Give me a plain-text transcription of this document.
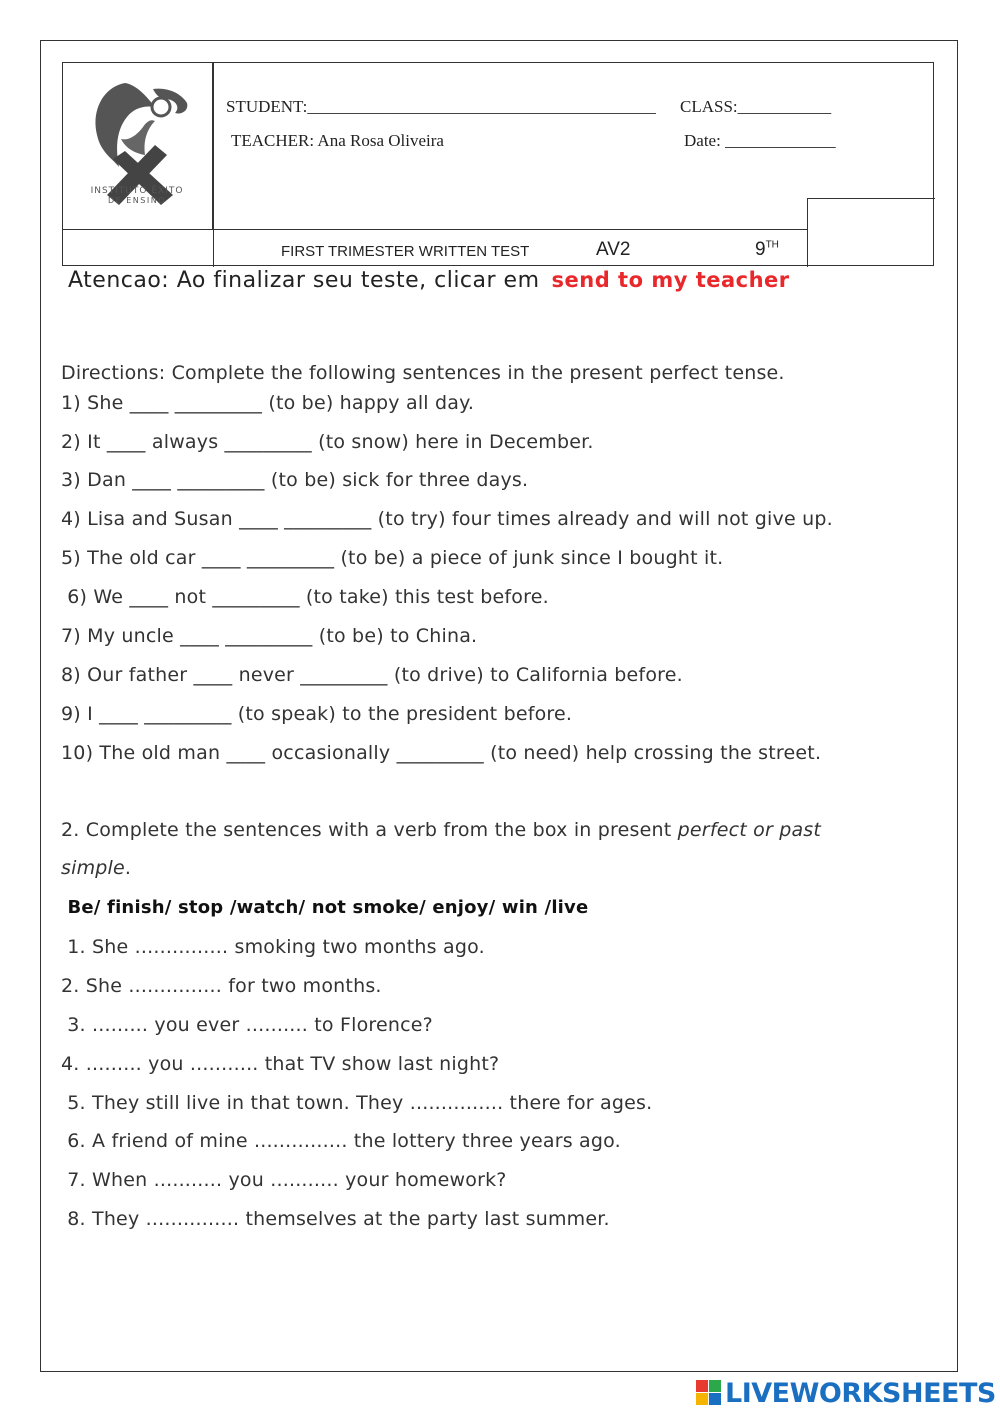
INSTITUTO ÊXITO
DE ENSINO
STUDENT:_________________________________________ CLASS:___________
TEACHER: Ana Rosa Oliveira	Date: _____________
FIRST TRIMESTER WRITTEN TEST	AV2	9TH
Atencao: Ao finalizar seu teste, clicar em send to my teacher
Directions: Complete the following sentences in the present perfect tense.
1) She ____ _________ (to be) happy all day.
2) It ____ always _________ (to snow) here in December.
3) Dan ____ _________ (to be) sick for three days.
4) Lisa and Susan ____ _________ (to try) four times already and will not give up.
5) The old car ____ _________ (to be) a piece of junk since I bought it.
6) We ____ not _________ (to take) this test before.
7) My uncle ____ _________ (to be) to China.
8) Our father ____ never _________ (to drive) to California before.
9) I ____ _________ (to speak) to the president before.
10) The old man ____ occasionally _________ (to need) help crossing the street.
2. Complete the sentences with a verb from the box in present perfect or past
simple.
Be/ finish/ stop /watch/ not smoke/ enjoy/ win /live
1. She ............... smoking two months ago.
2. She ............... for two months.
3. ......... you ever .......... to Florence?
4. ......... you ........... that TV show last night?
5. They still live in that town. They ............... there for ages.
6. A friend of mine ............... the lottery three years ago.
7. When ........... you ........... your homework?
8. They ............... themselves at the party last summer.
LIVEWORKSHEETS
